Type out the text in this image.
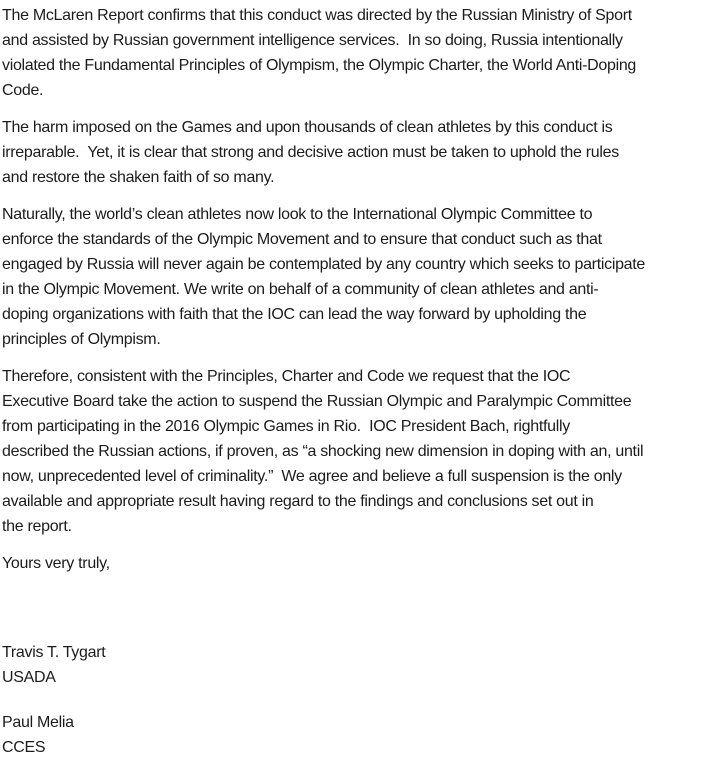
The McLaren Report confirms that this conduct was directed by the Russian Ministry of Sport
and assisted by Russian government intelligence services.  In so doing, Russia intentionally
violated the Fundamental Principles of Olympism, the Olympic Charter, the World Anti-Doping
Code.
The harm imposed on the Games and upon thousands of clean athletes by this conduct is
irreparable.  Yet, it is clear that strong and decisive action must be taken to uphold the rules
and restore the shaken faith of so many.
Naturally, the world’s clean athletes now look to the International Olympic Committee to
enforce the standards of the Olympic Movement and to ensure that conduct such as that
engaged by Russia will never again be contemplated by any country which seeks to participate
in the Olympic Movement. We write on behalf of a community of clean athletes and anti-
doping organizations with faith that the IOC can lead the way forward by upholding the
principles of Olympism.
Therefore, consistent with the Principles, Charter and Code we request that the IOC
Executive Board take the action to suspend the Russian Olympic and Paralympic Committee
from participating in the 2016 Olympic Games in Rio.  IOC President Bach, rightfully
described the Russian actions, if proven, as “a shocking new dimension in doping with an, until
now, unprecedented level of criminality.”  We agree and believe a full suspension is the only
available and appropriate result having regard to the findings and conclusions set out in
the report.
Yours very truly,
Travis T. Tygart
USADA
Paul Melia
CCES
